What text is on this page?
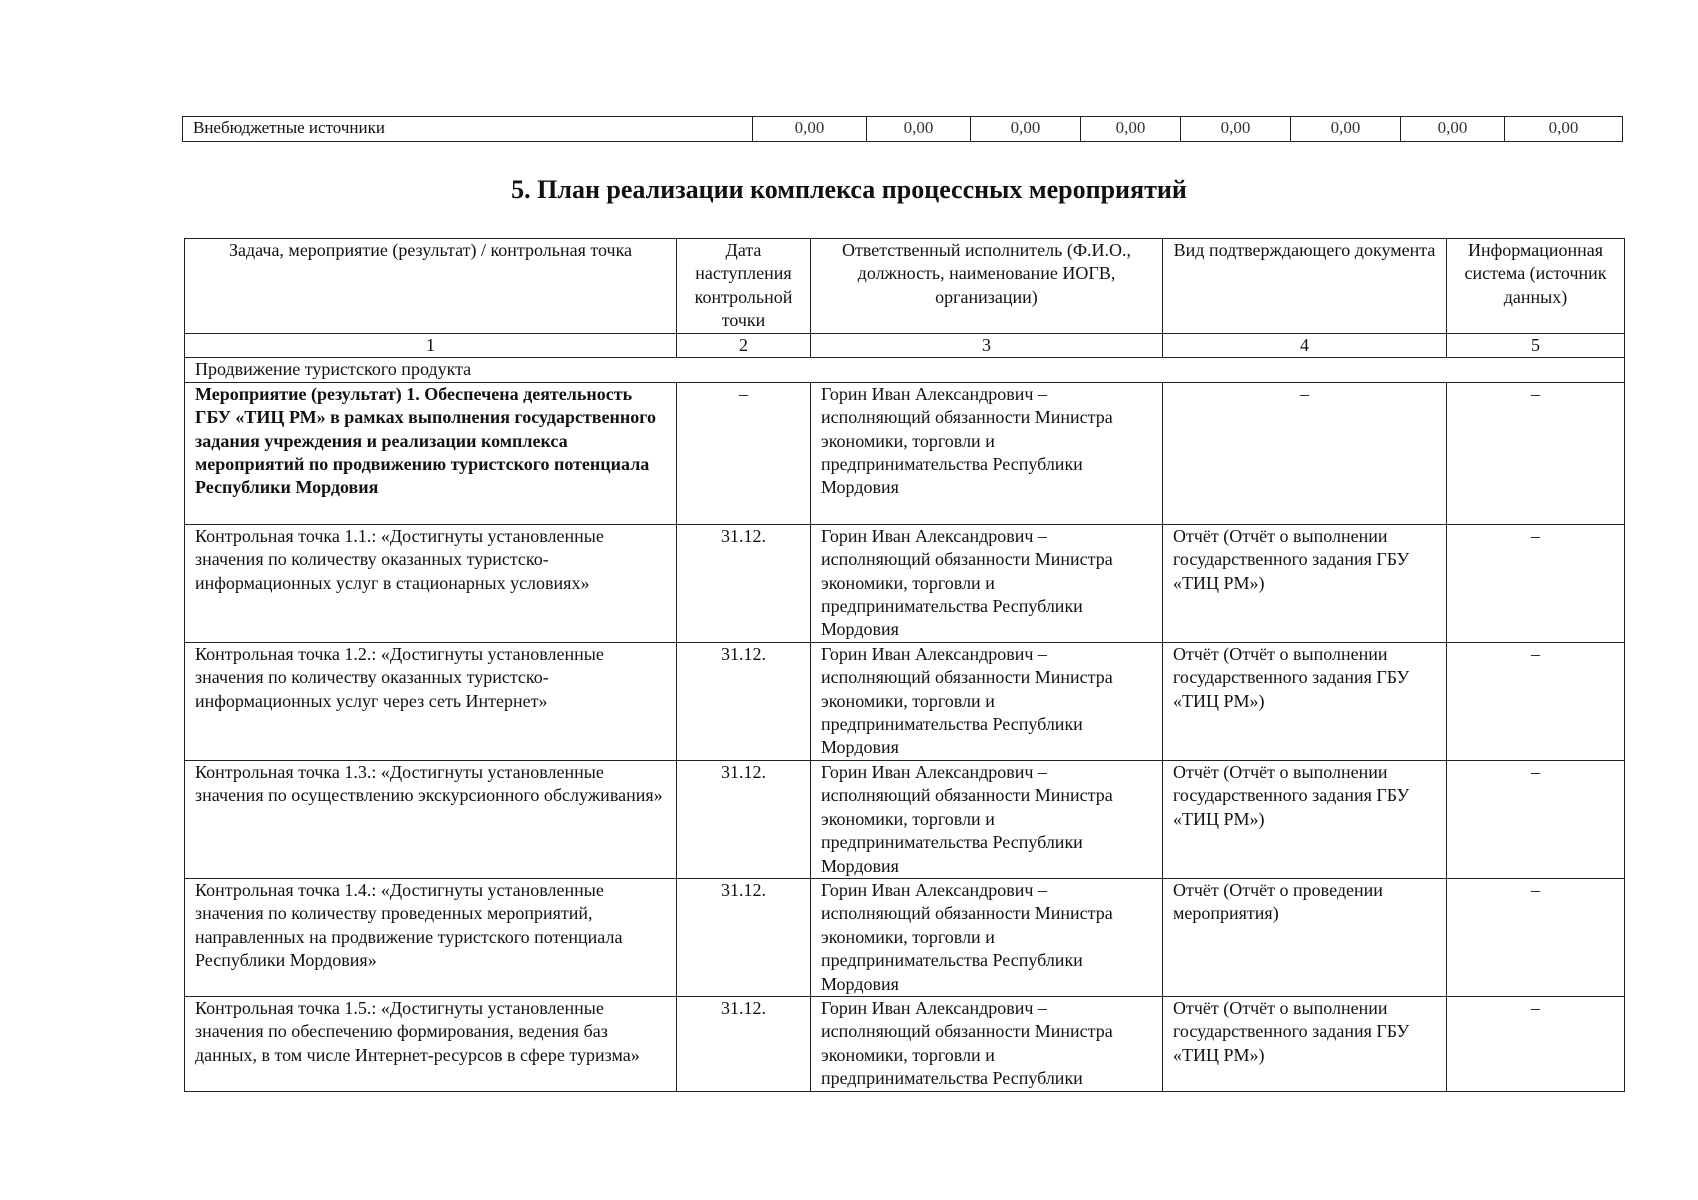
Внебюджетные источники	0,00	0,00	0,00	0,00	0,00	0,00	0,00	0,00
5. План реализации комплекса процессных мероприятий
Задача, мероприятие (результат) / контрольная точка	Дата наступления контрольной точки	Ответственный исполнитель (Ф.И.О., должность, наименование ИОГВ, организации)	Вид подтверждающего документа	Информационная система (источник данных)
1	2	3	4	5
Продвижение туристского продукта				
Мероприятие (результат) 1. Обеспечена деятельность ГБУ «ТИЦ РМ» в рамках выполнения государственного задания учреждения и реализации комплекса мероприятий по продвижению туристского потенциала Республики Мордовия	–	Горин Иван Александрович – исполняющий обязанности Министра экономики, торговли и предпринимательства Республики Мордовия	–	–
Контрольная точка 1.1.: «Достигнуты установленные значения по количеству оказанных туристско-информационных услуг в стационарных условиях»	31.12.	Горин Иван Александрович – исполняющий обязанности Министра экономики, торговли и предпринимательства Республики Мордовия	Отчёт (Отчёт о выполнении государственного задания ГБУ «ТИЦ РМ»)	–
Контрольная точка 1.2.: «Достигнуты установленные значения по количеству оказанных туристско-информационных услуг через сеть Интернет»	31.12.	Горин Иван Александрович – исполняющий обязанности Министра экономики, торговли и предпринимательства Республики Мордовия	Отчёт (Отчёт о выполнении государственного задания ГБУ «ТИЦ РМ»)	–
Контрольная точка 1.3.: «Достигнуты установленные значения по осуществлению экскурсионного обслуживания»	31.12.	Горин Иван Александрович – исполняющий обязанности Министра экономики, торговли и предпринимательства Республики Мордовия	Отчёт (Отчёт о выполнении государственного задания ГБУ «ТИЦ РМ»)	–
Контрольная точка 1.4.: «Достигнуты установленные значения по количеству проведенных мероприятий, направленных на продвижение туристского потенциала Республики Мордовия»	31.12.	Горин Иван Александрович – исполняющий обязанности Министра экономики, торговли и предпринимательства Республики Мордовия	Отчёт (Отчёт о проведении мероприятия)	–
Контрольная точка 1.5.: «Достигнуты установленные значения по обеспечению формирования, ведения баз данных, в том числе Интернет-ресурсов в сфере туризма»	31.12.	Горин Иван Александрович – исполняющий обязанности Министра экономики, торговли и предпринимательства Республики	Отчёт (Отчёт о выполнении государственного задания ГБУ «ТИЦ РМ»)	–
